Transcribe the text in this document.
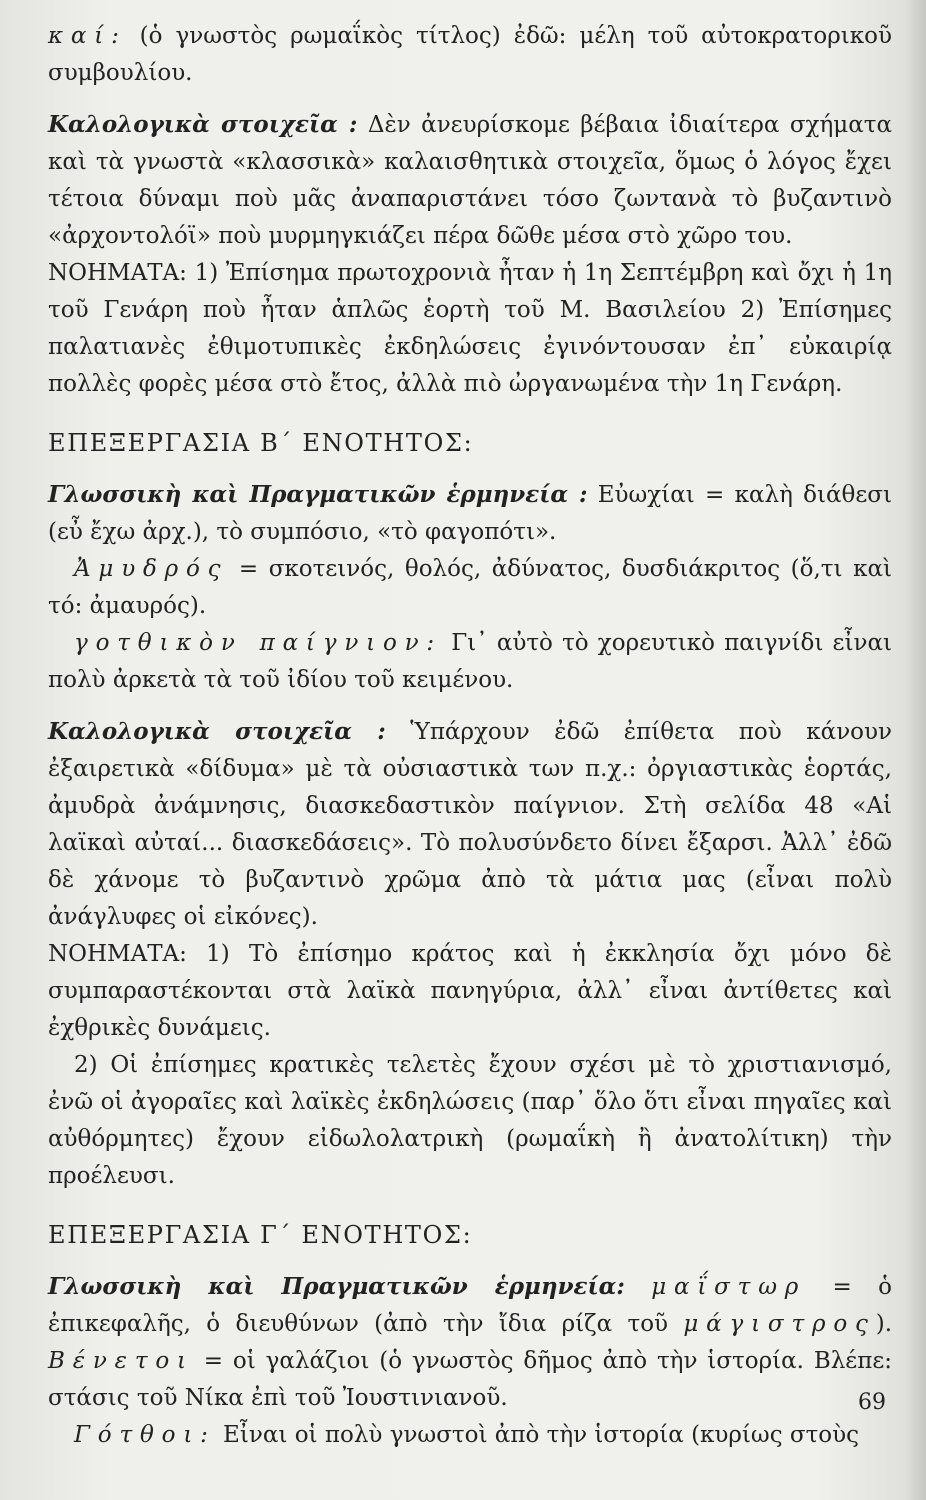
καί: (ὁ γνωστὸς ρωμαΐκὸς τίτλος) ἐδῶ: μέλη τοῦ αὐτοκρατορικοῦ συμβουλίου.

Καλολογικὰ στοιχεῖα : Δὲν ἀνευρίσκομε βέβαια ἰδιαίτερα σχήματα καὶ τὰ γνωστὰ «κλασσικὰ» καλαισθητικὰ στοιχεῖα, ὅμως ὁ λόγος ἔχει τέτοια δύναμι ποὺ μᾶς ἀναπαριστάνει τόσο ζωντανὰ τὸ βυζαντινὸ «ἀρχοντολόϊ» ποὺ μυρμηγκιάζει πέρα δῶθε μέσα στὸ χῶρο του.

ΝΟΗΜΑΤΑ: 1) Ἐπίσημα πρωτοχρονιὰ ἦταν ἡ 1η Σεπτέμβρη καὶ ὄχι ἡ 1η τοῦ Γενάρη ποὺ ἦταν ἁπλῶς ἑορτὴ τοῦ Μ. Βασιλείου 2) Ἐπίσημες παλατιανὲς ἐθιμοτυπικὲς ἐκδηλώσεις ἐγινόντουσαν ἐπ᾽ εὐκαιρίᾳ πολλὲς φορὲς μέσα στὸ ἔτος, ἀλλὰ πιὸ ὠργανωμένα τὴν 1η Γενάρη.

ΕΠΕΞΕΡΓΑΣΙΑ Β΄ ΕΝΟΤΗΤΟΣ:

Γλωσσικὴ καὶ Πραγματικῶν ἑρμηνεία : Εὐωχίαι = καλὴ διάθεσι (εὖ ἔχω ἀρχ.), τὸ συμπόσιο, «τὸ φαγοπότι».

Ἀμυδρός = σκοτεινός, θολός, ἀδύνατος, δυσδιάκριτος (ὅ,τι καὶ τό: ἀμαυρός).

γοτθικὸν παίγνιον: Γι᾽ αὐτὸ τὸ χορευτικὸ παιγνίδι εἶναι πολὺ ἀρκετὰ τὰ τοῦ ἰδίου τοῦ κειμένου.

Καλολογικὰ στοιχεῖα : Ὑπάρχουν ἐδῶ ἐπίθετα ποὺ κάνουν ἐξαιρετικὰ «δίδυμα» μὲ τὰ οὐσιαστικὰ των π.χ.: ὀργιαστικὰς ἑορτάς, ἀμυδρὰ ἀνάμνησις, διασκεδαστικὸν παίγνιον. Στὴ σελίδα 48 «Αἱ λαϊκαὶ αὐταί... διασκεδάσεις». Τὸ πολυσύνδετο δίνει ἔξαρσι. Ἀλλ᾽ ἐδῶ δὲ χάνομε τὸ βυζαντινὸ χρῶμα ἀπὸ τὰ μάτια μας (εἶναι πολὺ ἀνάγλυφες οἱ εἰκόνες).

ΝΟΗΜΑΤΑ: 1) Τὸ ἐπίσημο κράτος καὶ ἡ ἐκκλησία ὄχι μόνο δὲ συμπαραστέκονται στὰ λαϊκὰ πανηγύρια, ἀλλ᾽ εἶναι ἀντίθετες καὶ ἐχθρικὲς δυνάμεις.

2) Οἱ ἐπίσημες κρατικὲς τελετὲς ἔχουν σχέσι μὲ τὸ χριστιανισμό, ἐνῶ οἱ ἀγοραῖες καὶ λαϊκὲς ἐκδηλώσεις (παρ᾽ ὅλο ὅτι εἶναι πηγαῖες καὶ αὐθόρμητες) ἔχουν εἰδωλολατρικὴ (ρωμαΐκὴ ἢ ἀνατολίτικη) τὴν προέλευσι.

ΕΠΕΞΕΡΓΑΣΙΑ Γ΄ ΕΝΟΤΗΤΟΣ:

Γλωσσικὴ καὶ Πραγματικῶν ἑρμηνεία: μαΐστωρ = ὁ ἐπικεφαλῆς, ὁ διευθύνων (ἀπὸ τὴν ἴδια ρίζα τοῦ μάγιστρος). Βένετοι = οἱ γαλάζιοι (ὁ γνωστὸς δῆμος ἀπὸ τὴν ἱστορία. Βλέπε: στάσις τοῦ Νίκα ἐπὶ τοῦ Ἰουστινιανοῦ.

Γότθοι: Εἶναι οἱ πολὺ γνωστοὶ ἀπὸ τὴν ἱστορία (κυρίως στοὺς

69
